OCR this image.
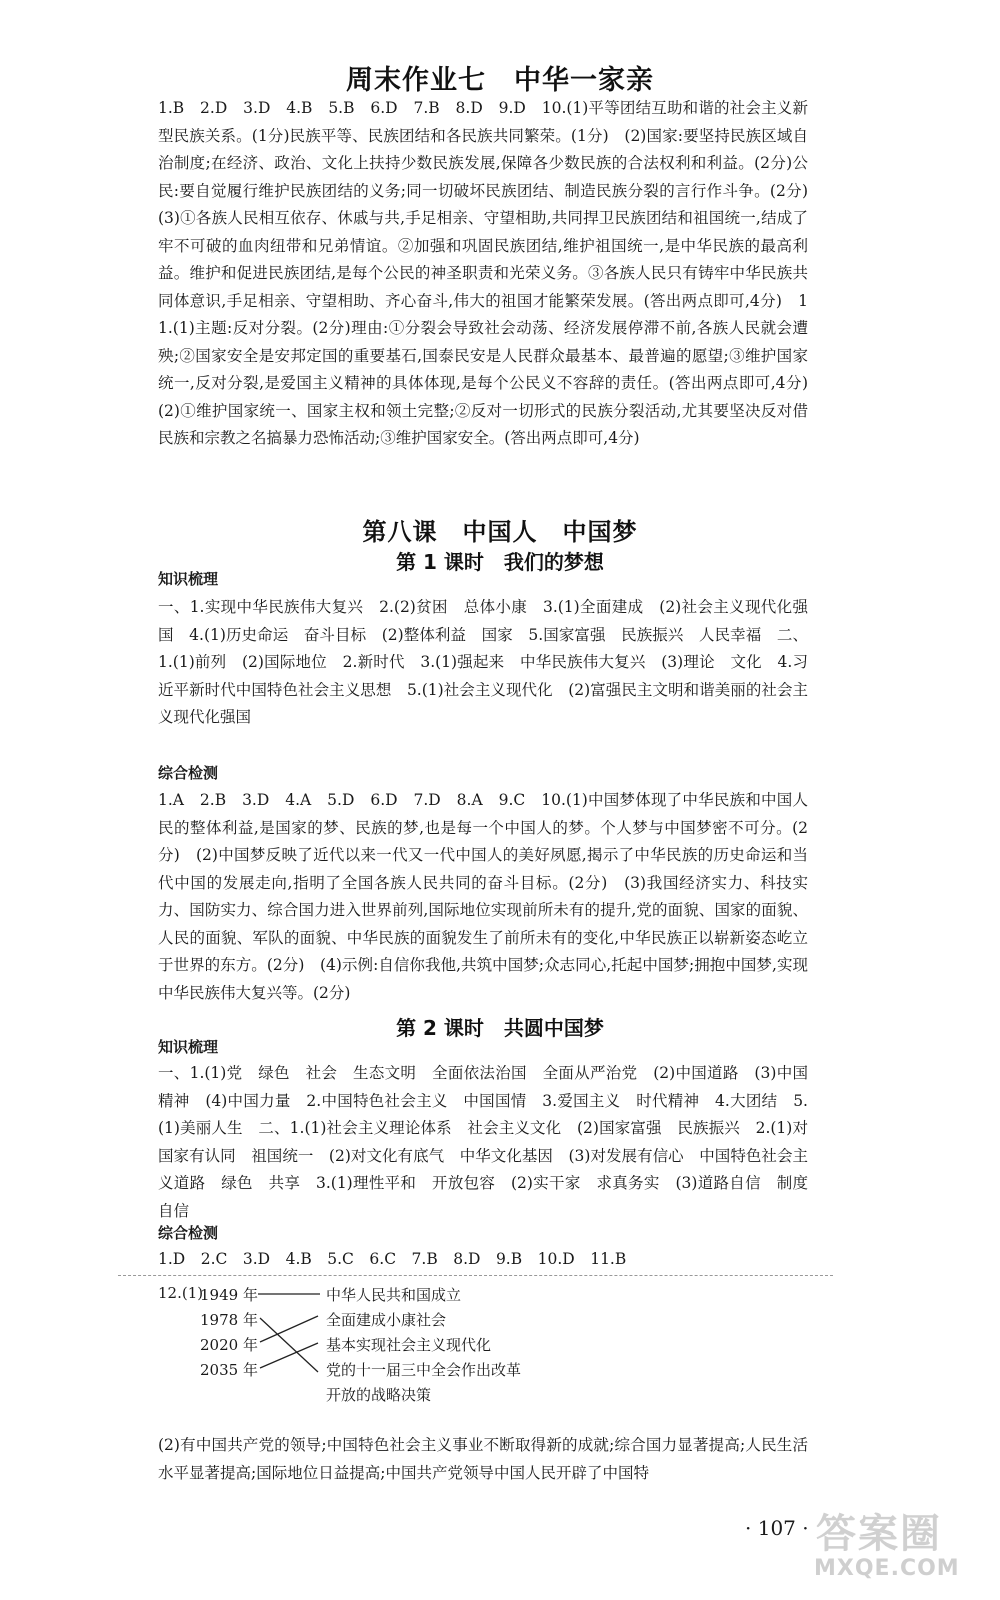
周末作业七　中华一家亲
1.B　2.D　3.D　4.B　5.B　6.D　7.B　8.D　9.D　10.(1)平等团结互助和谐的社会主义新型民族关系。(1分)民族平等、民族团结和各民族共同繁荣。(1分)　(2)国家:要坚持民族区域自治制度;在经济、政治、文化上扶持少数民族发展,保障各少数民族的合法权利和利益。(2分)公民:要自觉履行维护民族团结的义务;同一切破坏民族团结、制造民族分裂的言行作斗争。(2分)　(3)①各族人民相互依存、休戚与共,手足相亲、守望相助,共同捍卫民族团结和祖国统一,结成了牢不可破的血肉纽带和兄弟情谊。②加强和巩固民族团结,维护祖国统一,是中华民族的最高利益。维护和促进民族团结,是每个公民的神圣职责和光荣义务。③各族人民只有铸牢中华民族共同体意识,手足相亲、守望相助、齐心奋斗,伟大的祖国才能繁荣发展。(答出两点即可,4分)　11.(1)主题:反对分裂。(2分)理由:①分裂会导致社会动荡、经济发展停滞不前,各族人民就会遭殃;②国家安全是安邦定国的重要基石,国泰民安是人民群众最基本、最普遍的愿望;③维护国家统一,反对分裂,是爱国主义精神的具体体现,是每个公民义不容辞的责任。(答出两点即可,4分)　(2)①维护国家统一、国家主权和领土完整;②反对一切形式的民族分裂活动,尤其要坚决反对借民族和宗教之名搞暴力恐怖活动;③维护国家安全。(答出两点即可,4分)
第八课　中国人　中国梦
第 1 课时　我们的梦想
知识梳理
一、1.实现中华民族伟大复兴　2.(2)贫困　总体小康　3.(1)全面建成　(2)社会主义现代化强国　4.(1)历史命运　奋斗目标　(2)整体利益　国家　5.国家富强　民族振兴　人民幸福　二、1.(1)前列　(2)国际地位　2.新时代　3.(1)强起来　中华民族伟大复兴　(3)理论　文化　4.习近平新时代中国特色社会主义思想　5.(1)社会主义现代化　(2)富强民主文明和谐美丽的社会主义现代化强国
综合检测
1.A　2.B　3.D　4.A　5.D　6.D　7.D　8.A　9.C　10.(1)中国梦体现了中华民族和中国人民的整体利益,是国家的梦、民族的梦,也是每一个中国人的梦。个人梦与中国梦密不可分。(2分)　(2)中国梦反映了近代以来一代又一代中国人的美好夙愿,揭示了中华民族的历史命运和当代中国的发展走向,指明了全国各族人民共同的奋斗目标。(2分)　(3)我国经济实力、科技实力、国防实力、综合国力进入世界前列,国际地位实现前所未有的提升,党的面貌、国家的面貌、人民的面貌、军队的面貌、中华民族的面貌发生了前所未有的变化,中华民族正以崭新姿态屹立于世界的东方。(2分)　(4)示例:自信你我他,共筑中国梦;众志同心,托起中国梦;拥抱中国梦,实现中华民族伟大复兴等。(2分)
第 2 课时　共圆中国梦
知识梳理
一、1.(1)党　绿色　社会　生态文明　全面依法治国　全面从严治党　(2)中国道路　(3)中国精神　(4)中国力量　2.中国特色社会主义　中国国情　3.爱国主义　时代精神　4.大团结　5.(1)美丽人生　二、1.(1)社会主义理论体系　社会主义文化　(2)国家富强　民族振兴　2.(1)对国家有认同　祖国统一　(2)对文化有底气　中华文化基因　(3)对发展有信心　中国特色社会主义道路　绿色　共享　3.(1)理性平和　开放包容　(2)实干家　求真务实　(3)道路自信　制度自信
综合检测
1.D　2.C　3.D　4.B　5.C　6.C　7.B　8.D　9.B　10.D　11.B
12.(1)
1949 年
1978 年
2020 年
2035 年
中华人民共和国成立
全面建成小康社会
基本实现社会主义现代化
党的十一届三中全会作出改革
开放的战略决策
(2)有中国共产党的领导;中国特色社会主义事业不断取得新的成就;综合国力显著提高;人民生活水平显著提高;国际地位日益提高;中国共产党领导中国人民开辟了中国特
· 107 · 答案圈
MXQE.COM
